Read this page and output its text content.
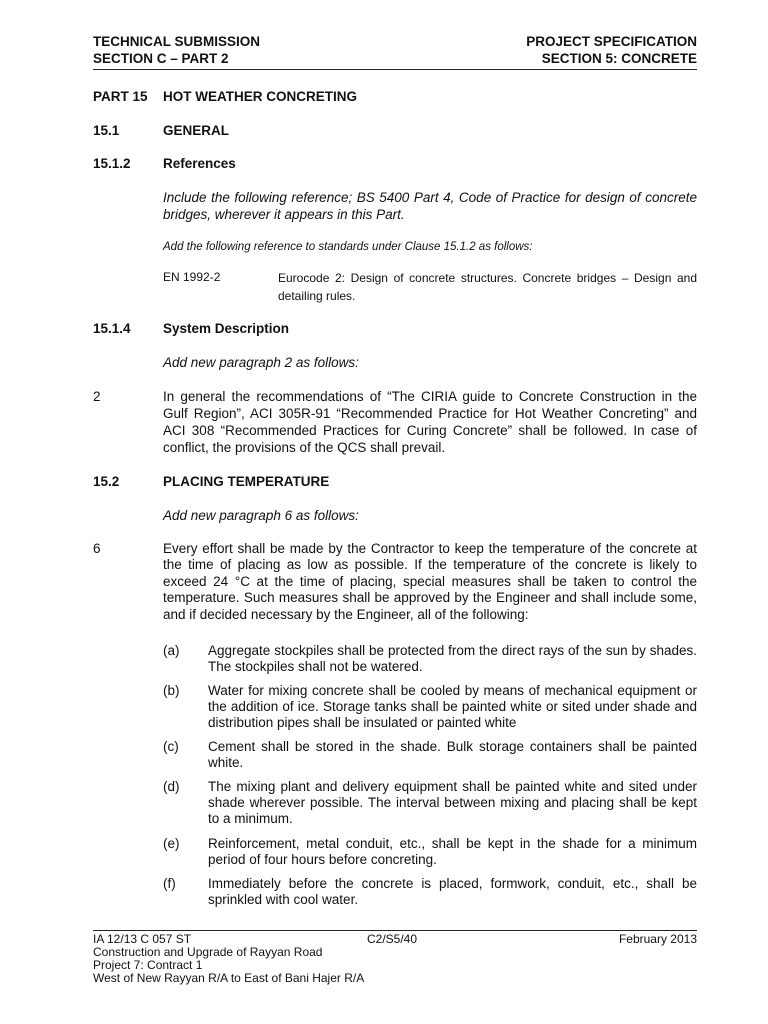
TECHNICAL SUBMISSION
SECTION C – PART 2
PROJECT SPECIFICATION
SECTION 5: CONCRETE
PART 15 HOT WEATHER CONCRETING
15.1	GENERAL
15.1.2 References
Include the following reference; BS 5400 Part 4, Code of Practice for design of concrete bridges, wherever it appears in this Part.
Add the following reference to standards under Clause 15.1.2 as follows:
EN 1992-2	Eurocode 2: Design of concrete structures. Concrete bridges – Design and detailing rules.
15.1.4 System Description
Add new paragraph 2 as follows:
2	In general the recommendations of “The CIRIA guide to Concrete Construction in the Gulf Region”, ACI 305R-91 “Recommended Practice for Hot Weather Concreting” and ACI 308 “Recommended Practices for Curing Concrete” shall be followed. In case of conflict, the provisions of the QCS shall prevail.
15.2	PLACING TEMPERATURE
Add new paragraph 6 as follows:
6	Every effort shall be made by the Contractor to keep the temperature of the concrete at the time of placing as low as possible. If the temperature of the concrete is likely to exceed 24 °C at the time of placing, special measures shall be taken to control the temperature. Such measures shall be approved by the Engineer and shall include some, and if decided necessary by the Engineer, all of the following:
(a) Aggregate stockpiles shall be protected from the direct rays of the sun by shades. The stockpiles shall not be watered.
(b) Water for mixing concrete shall be cooled by means of mechanical equipment or the addition of ice. Storage tanks shall be painted white or sited under shade and distribution pipes shall be insulated or painted white
(c) Cement shall be stored in the shade. Bulk storage containers shall be painted white.
(d) The mixing plant and delivery equipment shall be painted white and sited under shade wherever possible. The interval between mixing and placing shall be kept to a minimum.
(e) Reinforcement, metal conduit, etc., shall be kept in the shade for a minimum period of four hours before concreting.
(f) Immediately before the concrete is placed, formwork, conduit, etc., shall be sprinkled with cool water.
IA 12/13 C 057 ST	C2/S5/40	February 2013
Construction and Upgrade of Rayyan Road
Project 7: Contract 1
West of New Rayyan R/A to East of Bani Hajer R/A
